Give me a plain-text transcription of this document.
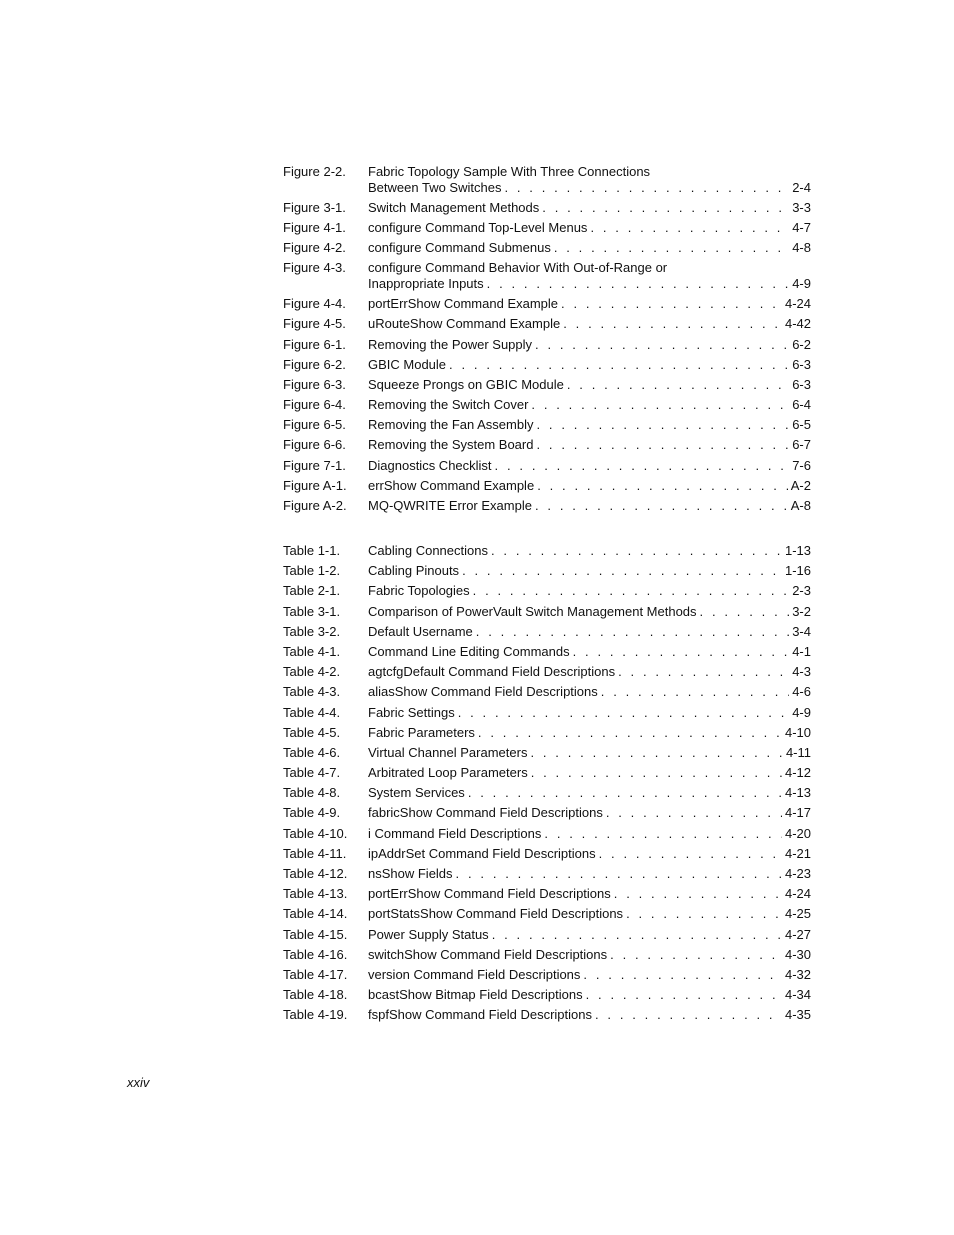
Figure 2-2.	Fabric Topology Sample With Three Connections
Between Two Switches . . .	2-4
Figure 3-1.	Switch Management Methods . . .	3-3
Figure 4-1.	configure Command Top-Level Menus . . .	4-7
Figure 4-2.	configure Command Submenus . . .	4-8
Figure 4-3.	configure Command Behavior With Out-of-Range or
Inappropriate Inputs . . .	4-9
Figure 4-4.	portErrShow Command Example . . .	4-24
Figure 4-5.	uRouteShow Command Example . . .	4-42
Figure 6-1.	Removing the Power Supply . . .	6-2
Figure 6-2.	GBIC Module . . .	6-3
Figure 6-3.	Squeeze Prongs on GBIC Module . . .	6-3
Figure 6-4.	Removing the Switch Cover . . .	6-4
Figure 6-5.	Removing the Fan Assembly . . .	6-5
Figure 6-6.	Removing the System Board . . .	6-7
Figure 7-1.	Diagnostics Checklist . . .	7-6
Figure A-1.	errShow Command Example . . .	A-2
Figure A-2.	MQ-QWRITE Error Example . . .	A-8
Table 1-1.	Cabling Connections . . .	1-13
Table 1-2.	Cabling Pinouts . . .	1-16
Table 2-1.	Fabric Topologies . . .	2-3
Table 3-1.	Comparison of PowerVault Switch Management Methods . . .	3-2
Table 3-2.	Default Username . . .	3-4
Table 4-1.	Command Line Editing Commands . . .	4-1
Table 4-2.	agtcfgDefault Command Field Descriptions . . .	4-3
Table 4-3.	aliasShow Command Field Descriptions . . .	4-6
Table 4-4.	Fabric Settings . . .	4-9
Table 4-5.	Fabric Parameters . . .	4-10
Table 4-6.	Virtual Channel Parameters . . .	4-11
Table 4-7.	Arbitrated Loop Parameters . . .	4-12
Table 4-8.	System Services . . .	4-13
Table 4-9.	fabricShow Command Field Descriptions . . .	4-17
Table 4-10.	i Command Field Descriptions . . .	4-20
Table 4-11.	ipAddrSet Command Field Descriptions . . .	4-21
Table 4-12.	nsShow Fields . . .	4-23
Table 4-13.	portErrShow Command Field Descriptions . . .	4-24
Table 4-14.	portStatsShow Command Field Descriptions . . .	4-25
Table 4-15.	Power Supply Status . . .	4-27
Table 4-16.	switchShow Command Field Descriptions . . .	4-30
Table 4-17.	version Command Field Descriptions . . .	4-32
Table 4-18.	bcastShow Bitmap Field Descriptions . . .	4-34
Table 4-19.	fspfShow Command Field Descriptions . . .	4-35
xxiv
